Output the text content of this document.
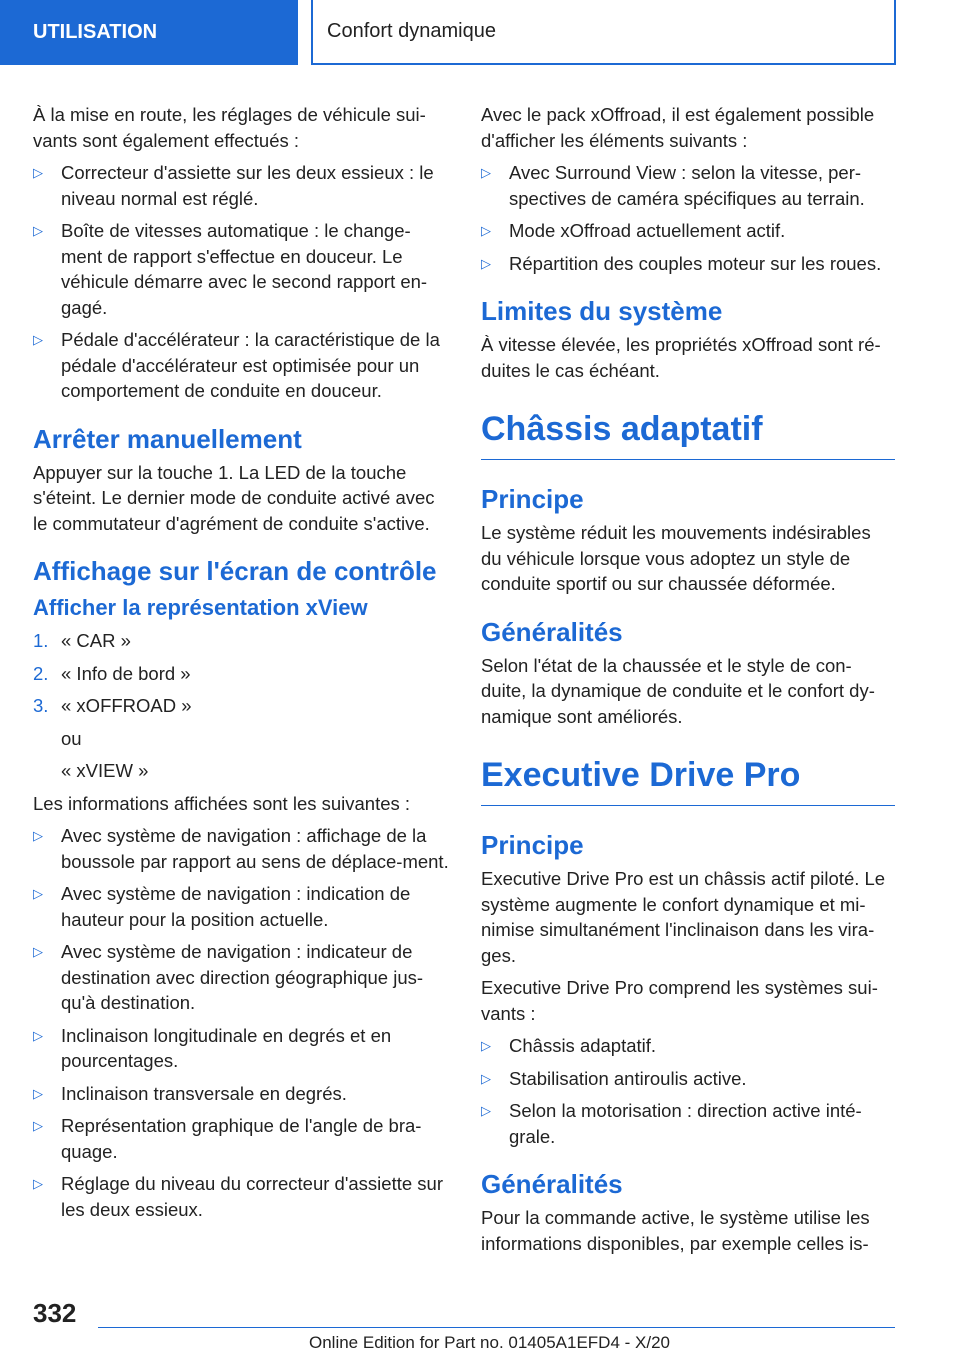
UTILISATION	Confort dynamique

À la mise en route, les réglages de véhicule sui-vants sont également effectués :

▷ Correcteur d'assiette sur les deux essieux : le niveau normal est réglé.
▷ Boîte de vitesses automatique : le change-ment de rapport s'effectue en douceur. Le véhicule démarre avec le second rapport en-gagé.
▷ Pédale d'accélérateur : la caractéristique de la pédale d'accélérateur est optimisée pour un comportement de conduite en douceur.
Arrêter manuellement

Appuyer sur la touche 1. La LED de la touche s'éteint. Le dernier mode de conduite activé avec le commutateur d'agrément de conduite s'active.

Affichage sur l'écran de contrôle
Afficher la représentation xView
1. « CAR »
2. « Info de bord »
3. « xOFFROAD »
ou
« xVIEW »

Les informations affichées sont les suivantes :

▷ Avec système de navigation : affichage de la boussole par rapport au sens de déplace-ment.
▷ Avec système de navigation : indication de hauteur pour la position actuelle.
▷ Avec système de navigation : indicateur de destination avec direction géographique jus-qu'à destination.
▷ Inclinaison longitudinale en degrés et en pourcentages.
▷ Inclinaison transversale en degrés.
▷ Représentation graphique de l'angle de bra-quage.
▷ Réglage du niveau du correcteur d'assiette sur les deux essieux.

Avec le pack xOffroad, il est également possible d'afficher les éléments suivants :

▷ Avec Surround View : selon la vitesse, per-spectives de caméra spécifiques au terrain.
▷ Mode xOffroad actuellement actif.
▷ Répartition des couples moteur sur les roues.
Limites du système

À vitesse élevée, les propriétés xOffroad sont ré-duites le cas échéant.

Châssis adaptatif
Principe

Le système réduit les mouvements indésirables du véhicule lorsque vous adoptez un style de conduite sportif ou sur chaussée déformée.

Généralités

Selon l'état de la chaussée et le style de con-duite, la dynamique de conduite et le confort dy-namique sont améliorés.

Executive Drive Pro
Principe

Executive Drive Pro est un châssis actif piloté. Le système augmente le confort dynamique et mi-nimise simultanément l'inclinaison dans les vira-ges.

Executive Drive Pro comprend les systèmes sui-vants :

▷ Châssis adaptatif.
▷ Stabilisation antiroulis active.
▷ Selon la motorisation : direction active inté-grale.
Généralités

Pour la commande active, le système utilise les informations disponibles, par exemple celles is-

332
Online Edition for Part no. 01405A1EFD4 - X/20
